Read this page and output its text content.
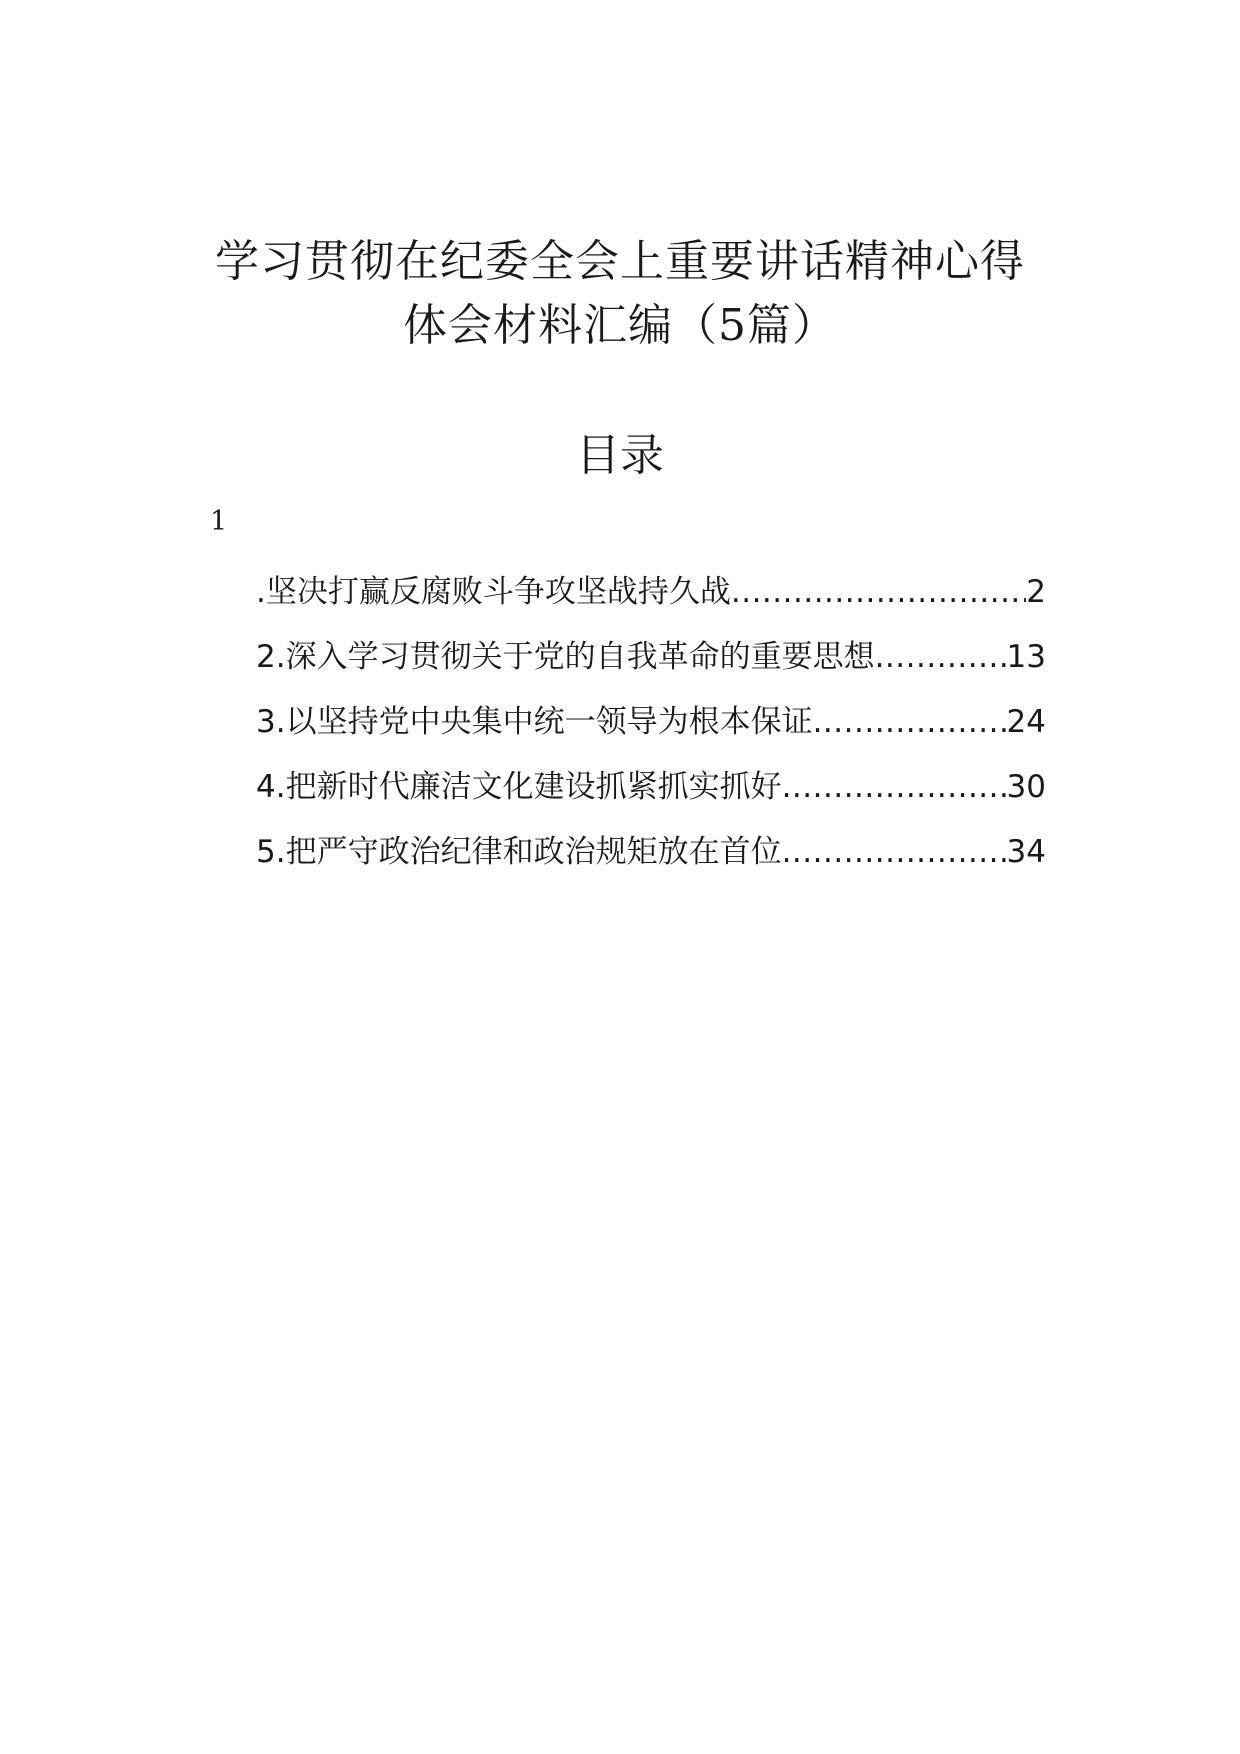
学习贯彻在纪委全会上重要讲话精神心得
体会材料汇编（5篇）
目录
1
.坚决打赢反腐败斗争攻坚战持久战 .....	2
2.深入学习贯彻关于党的自我革命的重要思想 .....	13
3.以坚持党中央集中统一领导为根本保证 .....	24
4.把新时代廉洁文化建设抓紧抓实抓好 .....	30
5.把严守政治纪律和政治规矩放在首位 .....	34
